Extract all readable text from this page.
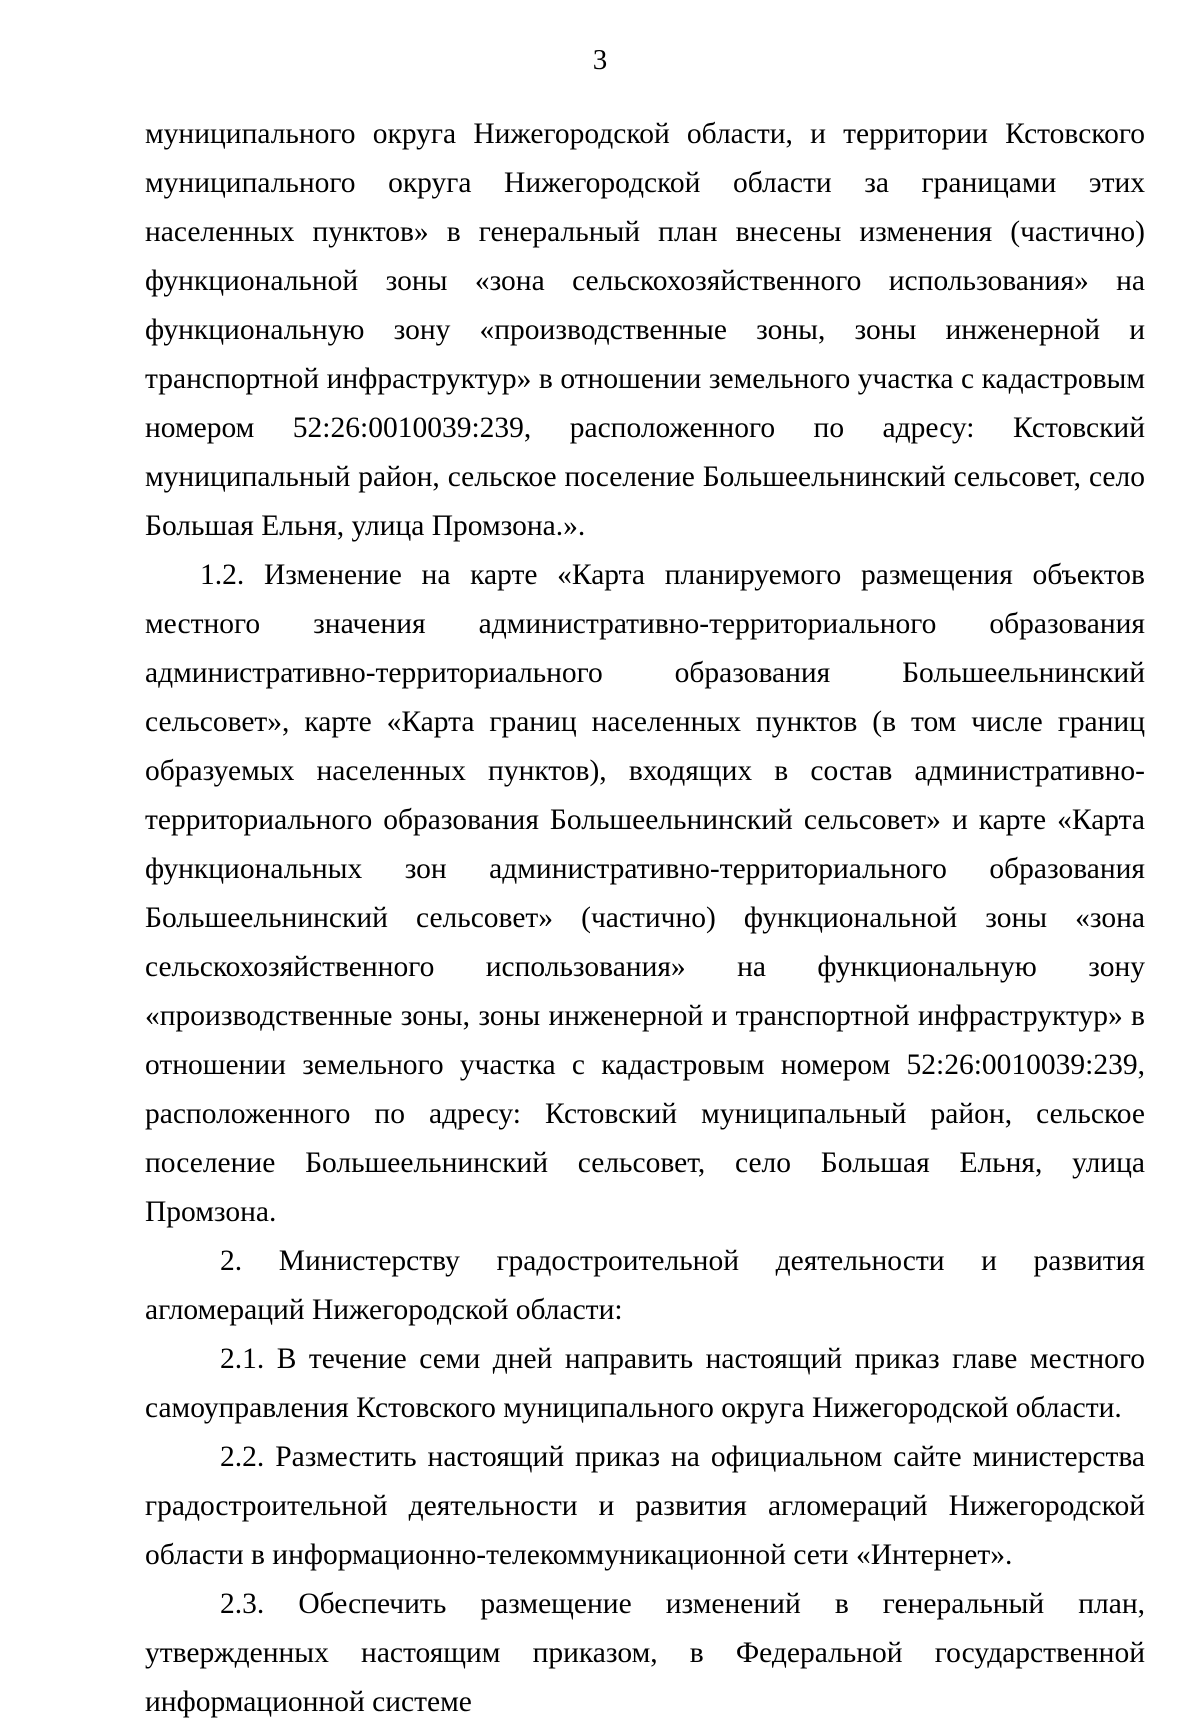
3

муниципального округа Нижегородской области, и территории Кстовского муниципального округа Нижегородской области за границами этих населенных пунктов» в генеральный план внесены изменения (частично) функциональной зоны «зона сельскохозяйственного использования» на функциональную зону «производственные зоны, зоны инженерной и транспортной инфраструктур» в отношении земельного участка с кадастровым номером 52:26:0010039:239, расположенного по адресу: Кстовский муниципальный район, сельское поселение Большеельнинский сельсовет, село Большая Ельня, улица Промзона.».

1.2. Изменение на карте «Карта планируемого размещения объектов местного значения административно-территориального образования административно-территориального образования Большеельнинский сельсовет», карте «Карта границ населенных пунктов (в том числе границ образуемых населенных пунктов), входящих в состав административно-территориального образования Большеельнинский сельсовет» и карте «Карта функциональных зон административно-территориального образования Большеельнинский сельсовет» (частично) функциональной зоны «зона сельскохозяйственного использования» на функциональную зону «производственные зоны, зоны инженерной и транспортной инфраструктур» в отношении земельного участка с кадастровым номером 52:26:0010039:239, расположенного по адресу: Кстовский муниципальный район, сельское поселение Большеельнинский сельсовет, село Большая Ельня, улица Промзона.

2. Министерству градостроительной деятельности и развития агломераций Нижегородской области:

2.1. В течение семи дней направить настоящий приказ главе местного самоуправления Кстовского муниципального округа Нижегородской области.

2.2. Разместить настоящий приказ на официальном сайте министерства градостроительной деятельности и развития агломераций Нижегородской области в информационно-телекоммуникационной сети «Интернет».

2.3. Обеспечить размещение изменений в генеральный план, утвержденных настоящим приказом, в Федеральной государственной информационной системе
